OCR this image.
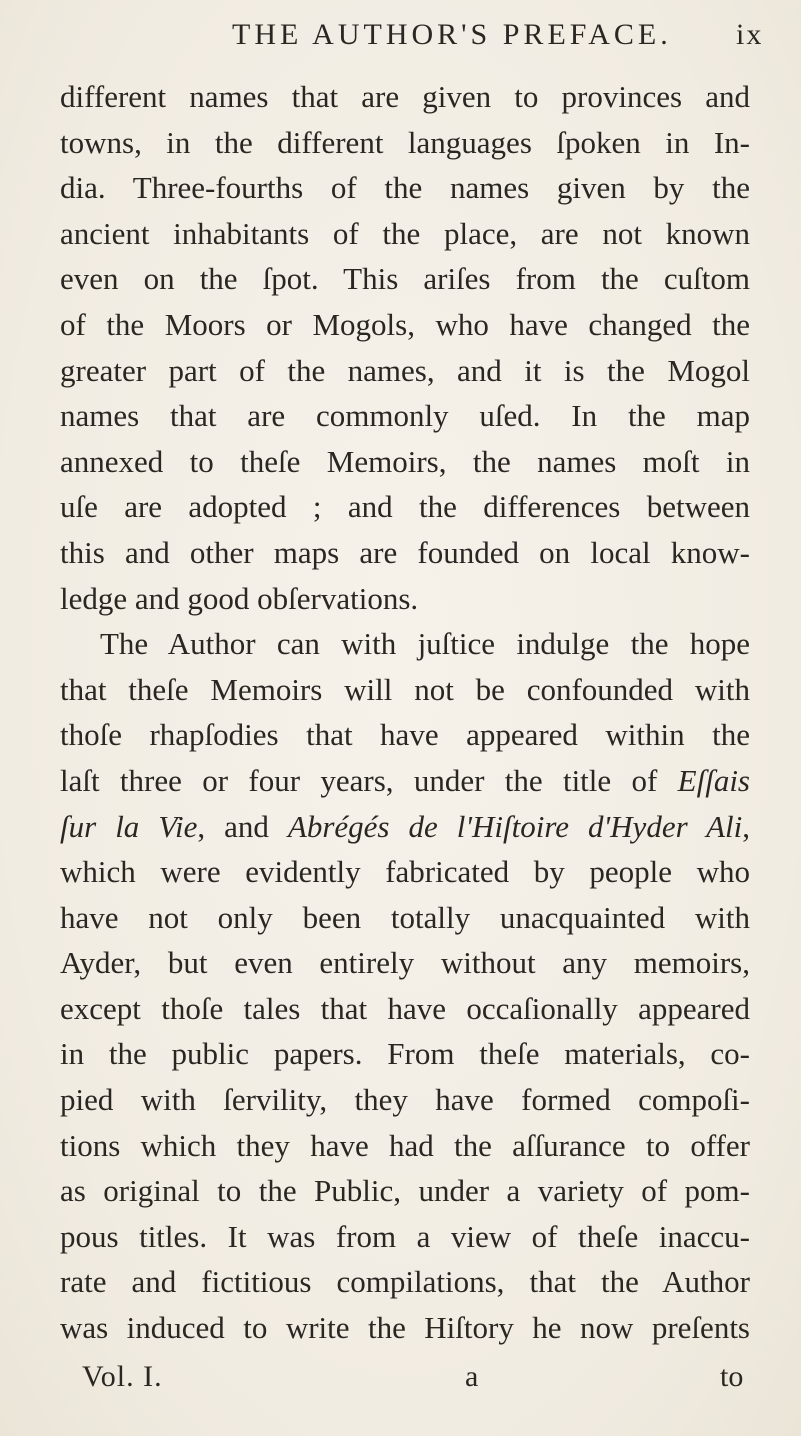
THE AUTHOR'S PREFACE. ix
different names that are given to provinces and
towns, in the different languages ſpoken in In-
dia. Three-fourths of the names given by the
ancient inhabitants of the place, are not known
even on the ſpot. This ariſes from the cuſtom
of the Moors or Mogols, who have changed the
greater part of the names, and it is the Mogol
names that are commonly uſed. In the map
annexed to theſe Memoirs, the names moſt in
uſe are adopted ; and the differences between
this and other maps are founded on local know-
ledge and good obſervations.
The Author can with juſtice indulge the hope
that theſe Memoirs will not be confounded with
thoſe rhapſodies that have appeared within the
laſt three or four years, under the title of Eſſais
ſur la Vie, and Abrégés de l'Hiſtoire d'Hyder Ali,
which were evidently fabricated by people who
have not only been totally unacquainted with
Ayder, but even entirely without any memoirs,
except thoſe tales that have occaſionally appeared
in the public papers. From theſe materials, co-
pied with ſervility, they have formed compoſi-
tions which they have had the aſſurance to offer
as original to the Public, under a variety of pom-
pous titles. It was from a view of theſe inaccu-
rate and fictitious compilations, that the Author
was induced to write the Hiſtory he now preſents
Vol. I.	a	to
